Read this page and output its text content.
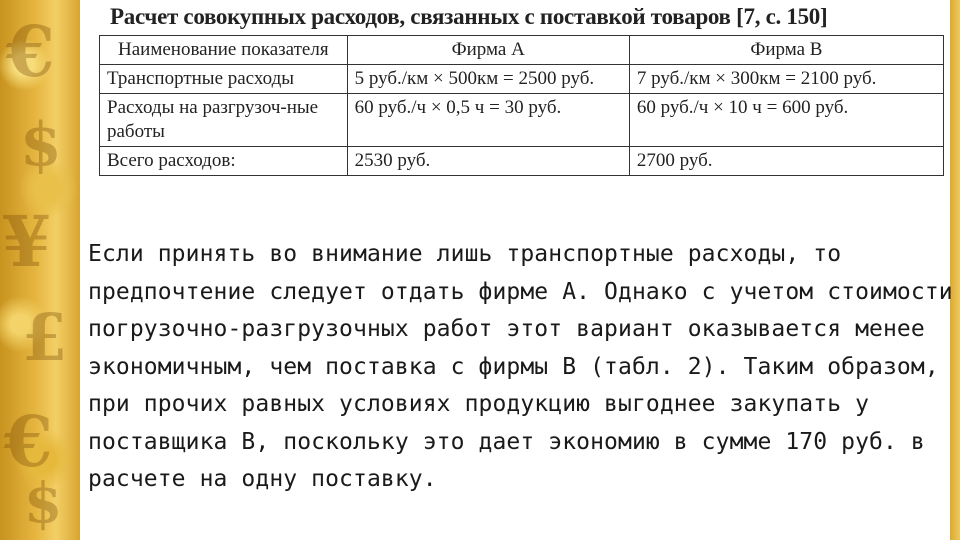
€
$
¥
£
€
$
Расчет совокупных расходов, связанных с поставкой товаров [7, с. 150]
Наименование показателя	Фирма А	Фирма В
Транспортные расходы	5 руб./км × 500км = 2500 руб.	7 руб./км × 300км = 2100 руб.
Расходы на разгрузоч-ные работы	60 руб./ч × 0,5 ч = 30 руб.	60 руб./ч × 10 ч = 600 руб.
Всего расходов:	2530 руб.	2700 руб.
Если принять во внимание лишь транспортные расходы, то предпочтение следует отдать фирме А. Однако с учетом стоимости погрузочно-разгрузочных работ этот вариант оказывается менее экономичным, чем поставка с фирмы В (табл. 2). Таким образом, при прочих равных условиях продукцию выгоднее закупать у поставщика В, поскольку это дает экономию в сумме 170 руб. в расчете на одну поставку.
